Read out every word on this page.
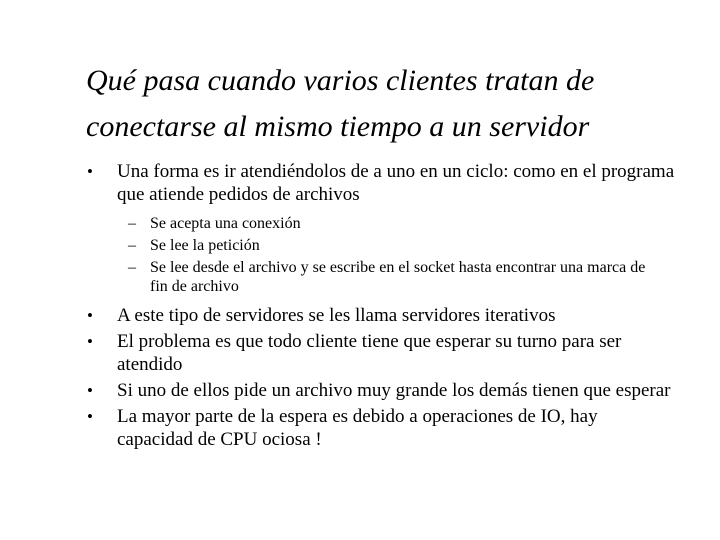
Qué pasa cuando varios clientes tratan de
conectarse al mismo tiempo a un servidor
• Una forma es ir atendiéndolos de a uno en un ciclo: como en el programa que atiende pedidos de archivos
– Se acepta una conexión
– Se lee la petición
– Se lee desde el archivo y se escribe en el socket hasta encontrar una marca de fin de archivo
• A este tipo de servidores se les llama servidores iterativos
• El problema es que todo cliente tiene que esperar su turno para ser atendido
• Si uno de ellos pide un archivo muy grande los demás tienen que esperar
• La mayor parte de la espera es debido a operaciones de IO, hay capacidad de CPU ociosa !
